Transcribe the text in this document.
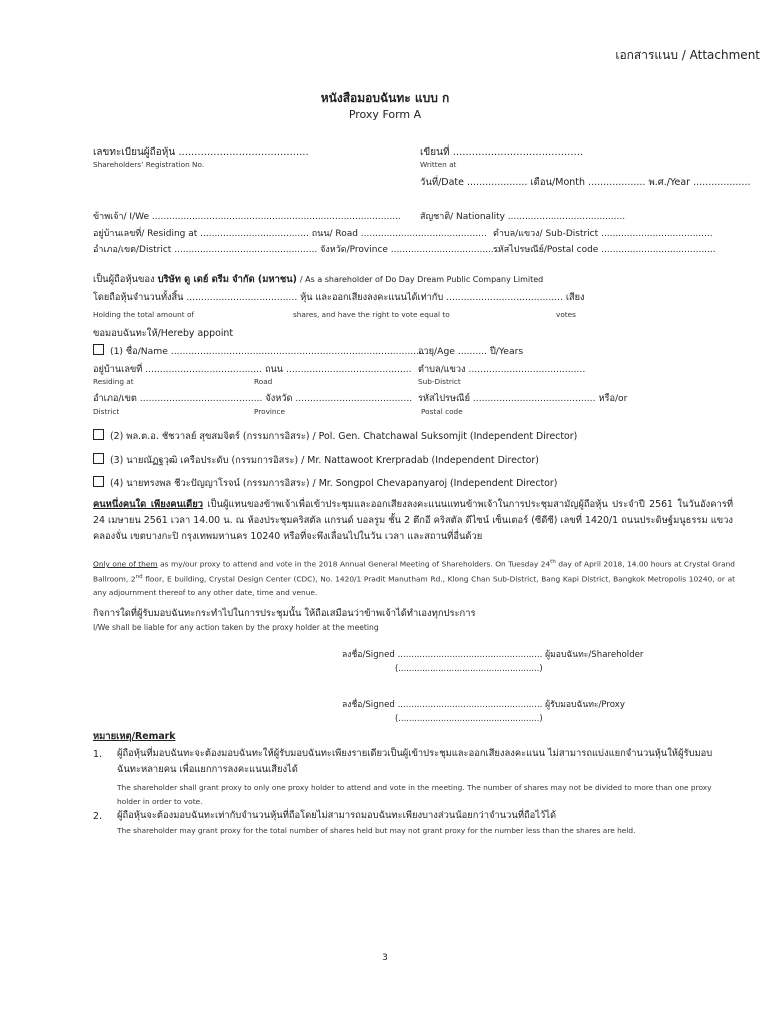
เอกสารแนบ / Attachment
หนังสือมอบฉันทะ แบบ ก
Proxy Form A
เลขทะเบียนผู้ถือหุ้น .........................................
Shareholders’ Registration No.
เขียนที่ .........................................
Written at
วันที่/Date .................... เดือน/Month ................... พ.ศ./Year ...................
ข้าพเจ้า/ I/We ....................................................................................... สัญชาติ/ Nationality .........................................
อยู่บ้านเลขที่/ Residing at ...................................... ถนน/ Road ............................................ ตำบล/แขวง/ Sub-District .......................................
อำเภอ/เขต/District .................................................. จังหวัด/Province ......................................
รหัสไปรษณีย์/Postal code ........................................
เป็นผู้ถือหุ้นของ บริษัท ดู เดย์ ดรีม จำกัด (มหาชน) / As a shareholder of Do Day Dream Public Company Limited
โดยถือหุ้นจำนวนทั้งสิ้น ...................................... หุ้น และออกเสียงลงคะแนนได้เท่ากับ ........................................ เสียง
Holding the total amount of	shares, and have the right to vote equal to	votes
ขอมอบฉันทะให้/Hereby appoint
(1) ชื่อ/Name ........................................................................................
อายุ/Age .......... ปี/Years
อยู่บ้านเลขที่ ........................................ ถนน ........................................... ตำบล/แขวง ........................................
Residing at	Road	Sub-District
อำเภอ/เขต .......................................... จังหวัด ........................................ รหัสไปรษณีย์ .......................................... หรือ/or
District	Province	Postal code
(2) พล.ต.อ. ชัชวาลย์ สุขสมจิตร์ (กรรมการอิสระ) / Pol. Gen. Chatchawal Suksomjit (Independent Director)
(3) นายณัฏฐวุฒิ เครือประดับ (กรรมการอิสระ) / Mr. Nattawoot Krerpradab (Independent Director)
(4) นายทรงพล ชีวะปัญญาโรจน์ (กรรมการอิสระ) / Mr. Songpol Chevapanyaroj (Independent Director)
คนหนึ่งคนใด เพียงคนเดียว เป็นผู้แทนของข้าพเจ้าเพื่อเข้าประชุมและออกเสียงลงคะแนนแทนข้าพเจ้าในการประชุมสามัญผู้ถือหุ้น ประจำปี 2561 ในวันอังคารที่ 24 เมษายน 2561 เวลา 14.00 น. ณ ห้องประชุมคริสตัล แกรนด์ บอลรูม ชั้น 2 ตึกอี คริสตัล ดีไซน์ เซ็นเตอร์ (ซีดีซี) เลขที่ 1420/1 ถนนประดิษฐ์มนูธรรม แขวงคลองจั่น เขตบางกะปิ กรุงเทพมหานคร 10240 หรือที่จะพึงเลื่อนไปในวัน เวลา และสถานที่อื่นด้วย
Only one of them as my/our proxy to attend and vote in the 2018 Annual General Meeting of Shareholders. On Tuesday 24th day of April 2018, 14.00 hours at Crystal Grand Ballroom, 2nd floor, E building, Crystal Design Center (CDC), No. 1420/1 Pradit Manutham Rd., Klong Chan Sub-District, Bang Kapi District, Bangkok Metropolis 10240, or at any adjournment thereof to any other date, time and venue.
กิจการใดที่ผู้รับมอบฉันทะกระทำไปในการประชุมนั้น ให้ถือเสมือนว่าข้าพเจ้าได้ทำเองทุกประการ
I/We shall be liable for any action taken by the proxy holder at the meeting
ลงชื่อ/Signed ..................................................... ผู้มอบฉันทะ/Shareholder
(.....................................................)
ลงชื่อ/Signed ..................................................... ผู้รับมอบฉันทะ/Proxy
(.....................................................)
หมายเหตุ/Remark
1. ผู้ถือหุ้นที่มอบฉันทะจะต้องมอบฉันทะให้ผู้รับมอบฉันทะเพียงรายเดียวเป็นผู้เข้าประชุมและออกเสียงลงคะแนน ไม่สามารถแบ่งแยกจำนวนหุ้นให้ผู้รับมอบฉันทะหลายคน เพื่อแยกการลงคะแนนเสียงได้
The shareholder shall grant proxy to only one proxy holder to attend and vote in the meeting. The number of shares may not be divided to more than one proxy holder in order to vote.
2. ผู้ถือหุ้นจะต้องมอบฉันทะเท่ากับจำนวนหุ้นที่ถือโดยไม่สามารถมอบฉันทะเพียงบางส่วนน้อยกว่าจำนวนที่ถือไว้ได้
The shareholder may grant proxy for the total number of shares held but may not grant proxy for the number less than the shares are held.
3
